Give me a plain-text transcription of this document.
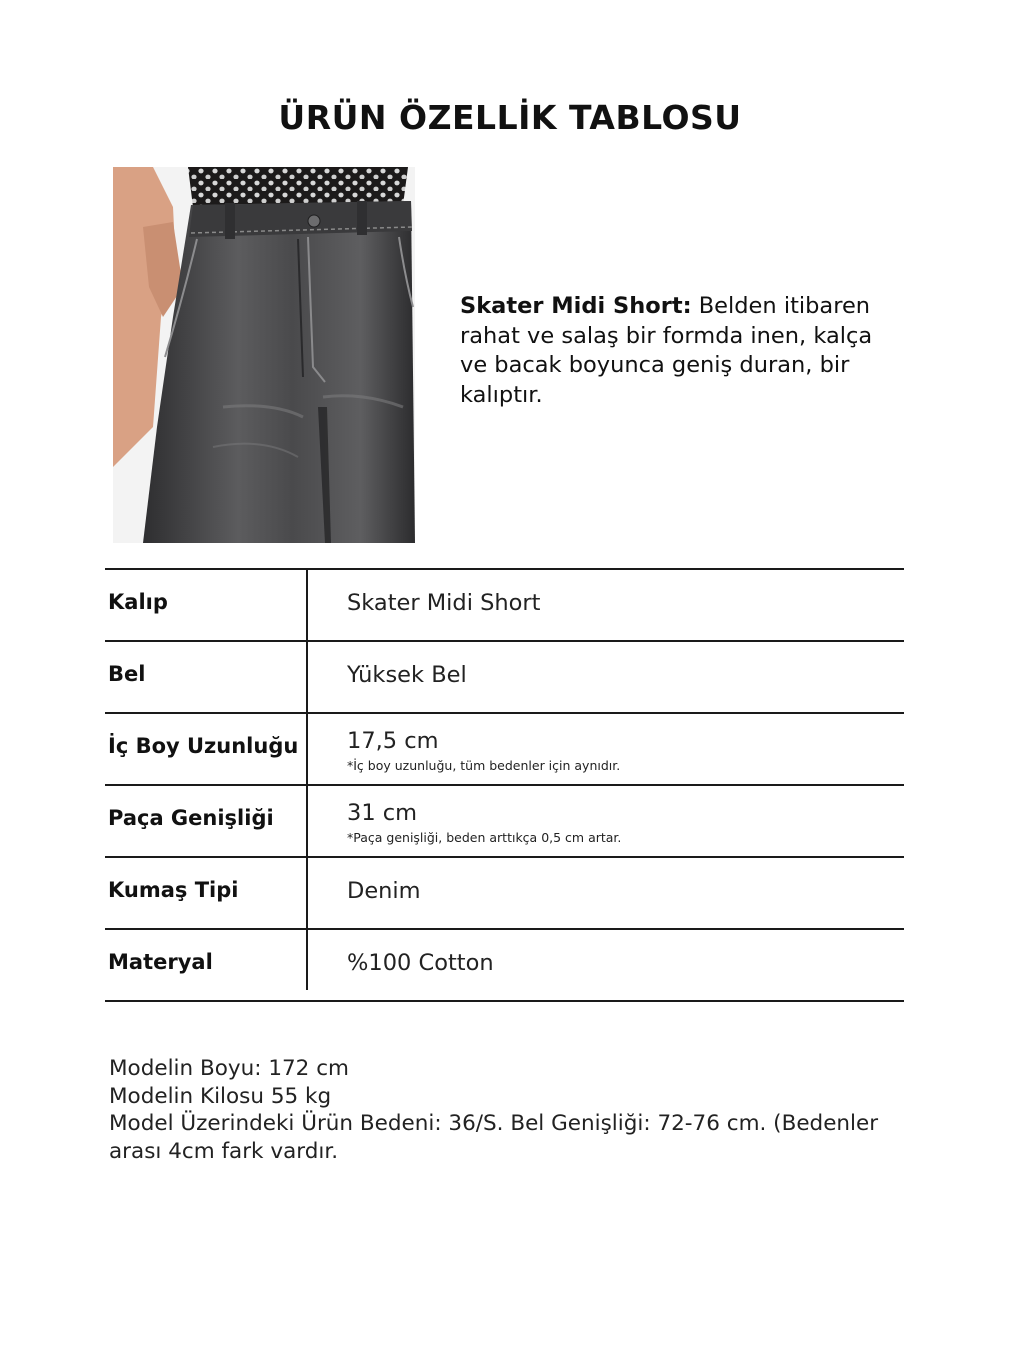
ÜRÜN ÖZELLİK TABLOSU
Skater Midi Short: Belden itibaren rahat ve salaş bir formda inen, kalça ve bacak boyunca geniş duran, bir kalıptır.
Kalıp	Skater Midi Short
Bel	Yüksek Bel
İç Boy Uzunluğu 17,5 cm
*İç boy uzunluğu, tüm bedenler için aynıdır.
Paça Genişliği	31 cm
*Paça genişliği, beden arttıkça 0,5 cm artar.
Kumaş Tipi	Denim
Materyal	%100 Cotton
Modelin Boyu: 172 cm
Modelin Kilosu 55 kg
Model Üzerindeki Ürün Bedeni: 36/S. Bel Genişliği: 72-76 cm. (Bedenler
arası 4cm fark vardır.
